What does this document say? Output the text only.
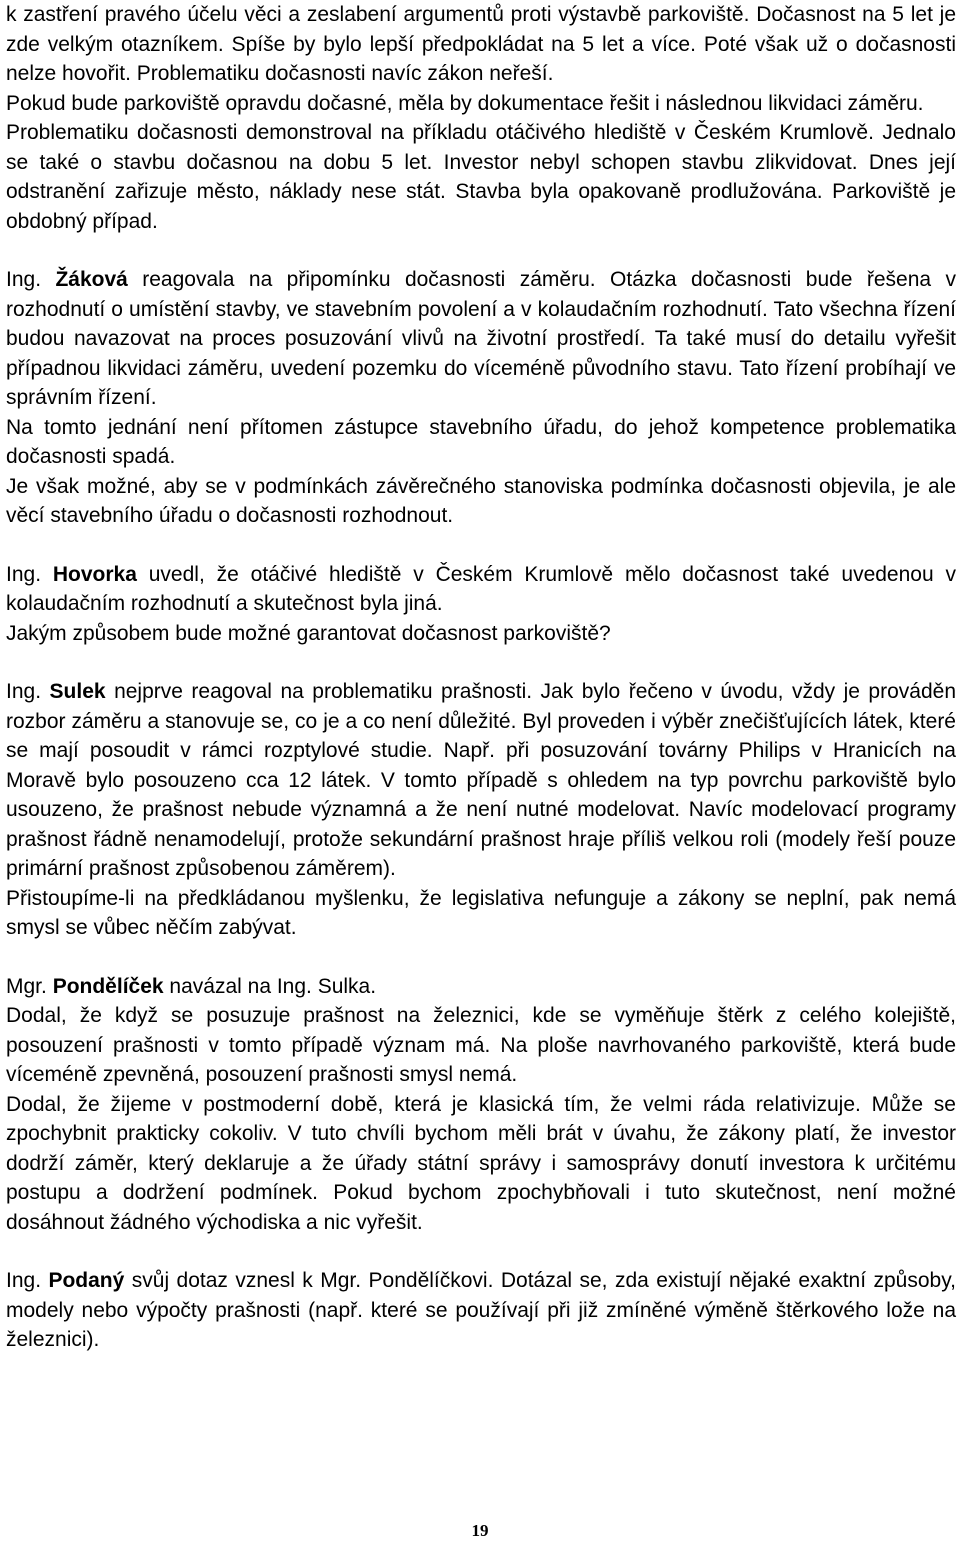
k zastření pravého účelu věci a zeslabení argumentů proti výstavbě parkoviště. Dočasnost na 5 let je zde velkým otazníkem. Spíše by bylo lepší předpokládat na 5 let a více. Poté však už o dočasnosti nelze hovořit. Problematiku dočasnosti navíc zákon neřeší.

Pokud bude parkoviště opravdu dočasné, měla by dokumentace řešit i následnou likvidaci záměru.

Problematiku dočasnosti demonstroval na příkladu otáčivého hlediště v Českém Krumlově. Jednalo se také o stavbu dočasnou na dobu 5 let. Investor nebyl schopen stavbu zlikvidovat. Dnes její odstranění zařizuje město, náklady nese stát. Stavba byla opakovaně prodlužována. Parkoviště je obdobný případ.

Ing. Žáková reagovala na připomínku dočasnosti záměru. Otázka dočasnosti bude řešena v rozhodnutí o umístění stavby, ve stavebním povolení a v kolaudačním rozhodnutí. Tato všechna řízení budou navazovat na proces posuzování vlivů na životní prostředí. Ta také musí do detailu vyřešit případnou likvidaci záměru, uvedení pozemku do víceméně původního stavu. Tato řízení probíhají ve správním řízení.

Na tomto jednání není přítomen zástupce stavebního úřadu, do jehož kompetence problematika dočasnosti spadá.

Je však možné, aby se v podmínkách závěrečného stanoviska podmínka dočasnosti objevila, je ale věcí stavebního úřadu o dočasnosti rozhodnout.

Ing. Hovorka uvedl, že otáčivé hlediště v Českém Krumlově mělo dočasnost také uvedenou v kolaudačním rozhodnutí a skutečnost byla jiná.

Jakým způsobem bude možné garantovat dočasnost parkoviště?

Ing. Sulek nejprve reagoval na problematiku prašnosti. Jak bylo řečeno v úvodu, vždy je prováděn rozbor záměru a stanovuje se, co je a co není důležité. Byl proveden i výběr znečišťujících látek, které se mají posoudit v rámci rozptylové studie. Např. při posuzování továrny Philips v Hranicích na Moravě bylo posouzeno cca 12 látek. V tomto případě s ohledem na typ povrchu parkoviště bylo usouzeno, že prašnost nebude významná a že není nutné modelovat. Navíc modelovací programy prašnost řádně nenamodelují, protože sekundární prašnost hraje příliš velkou roli (modely řeší pouze primární prašnost způsobenou záměrem).

Přistoupíme-li na předkládanou myšlenku, že legislativa nefunguje a zákony se neplní, pak nemá smysl se vůbec něčím zabývat.

Mgr. Pondělíček navázal na Ing. Sulka.

Dodal, že když se posuzuje prašnost na železnici, kde se vyměňuje štěrk z celého kolejiště, posouzení prašnosti v tomto případě význam má. Na ploše navrhovaného parkoviště, která bude víceméně zpevněná, posouzení prašnosti smysl nemá.

Dodal, že žijeme v postmoderní době, která je klasická tím, že velmi ráda relativizuje. Může se zpochybnit prakticky cokoliv. V tuto chvíli bychom měli brát v úvahu, že zákony platí, že investor dodrží záměr, který deklaruje a že úřady státní správy i samosprávy donutí investora k určitému postupu a dodržení podmínek. Pokud bychom zpochybňovali i tuto skutečnost, není možné dosáhnout žádného východiska a nic vyřešit.

Ing. Podaný svůj dotaz vznesl k Mgr. Pondělíčkovi. Dotázal se, zda existují nějaké exaktní způsoby, modely nebo výpočty prašnosti (např. které se používají při již zmíněné výměně štěrkového lože na železnici).

19
